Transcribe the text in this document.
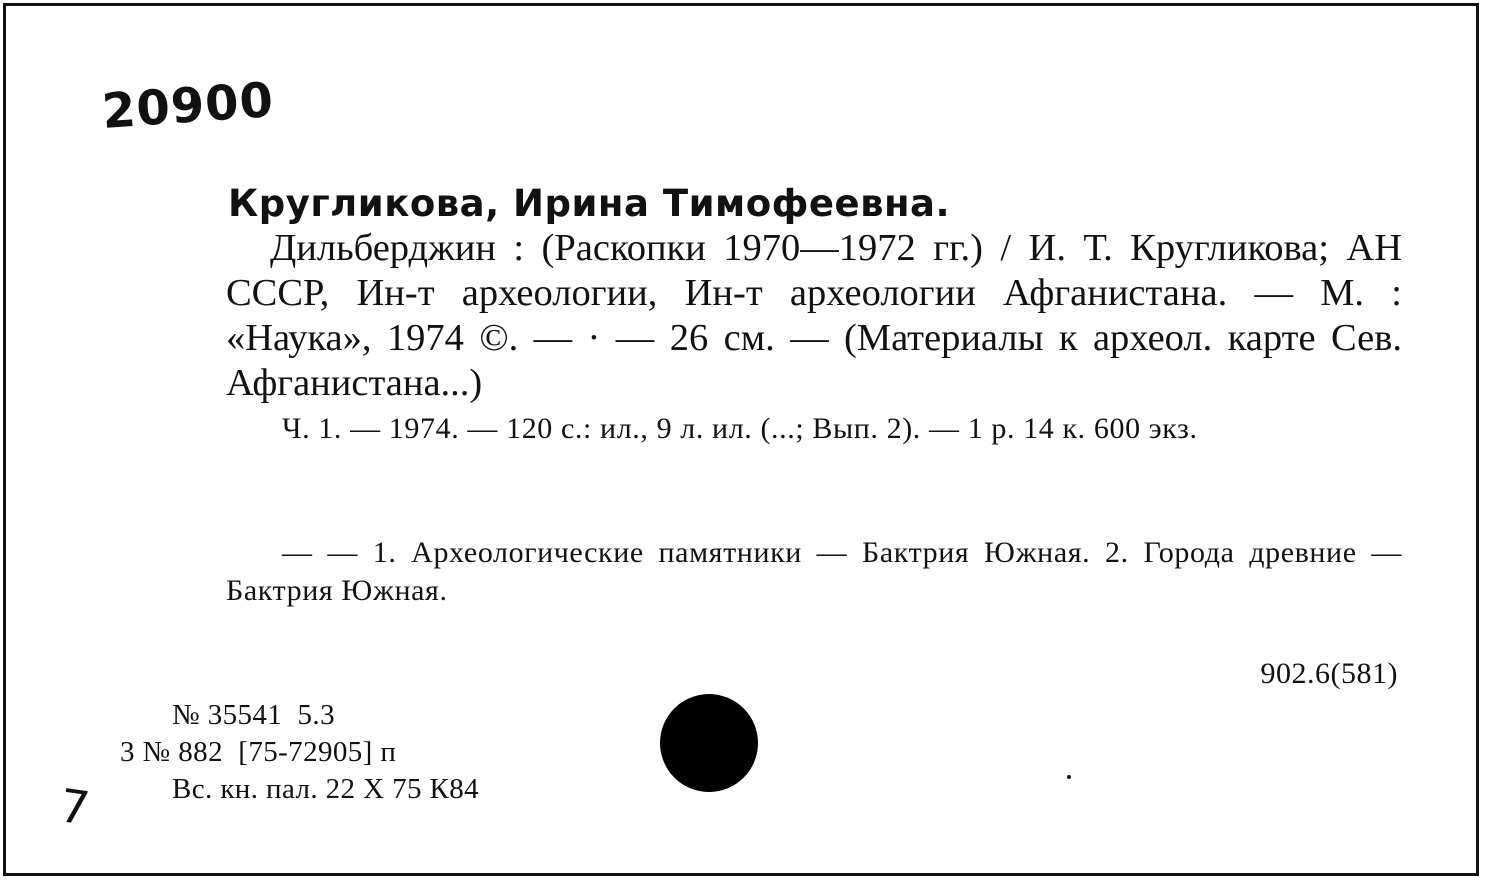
20900
Кругликова, Ирина Тимофеевна.
Дильберджин : (Раскопки 1970—1972 гг.) / И. Т. Кругликова; АН СССР, Ин-т археологии, Ин-т археологии Афганистана. — М. : «Наука», 1974 ©. — · — 26 см. — (Материалы к археол. карте Сев. Афганистана...)
Ч. 1. — 1974. — 120 с.: ил., 9 л. ил. (...; Вып. 2). — 1 р. 14 к. 600 экз.
— — 1. Археологические памятники — Бактрия Южная. 2. Города древние — Бактрия Южная.
902.6(581)
№ 35541  5.3
3 № 882  [75-72905] п
Вс. кн. пал. 22 X 75 К84
7
